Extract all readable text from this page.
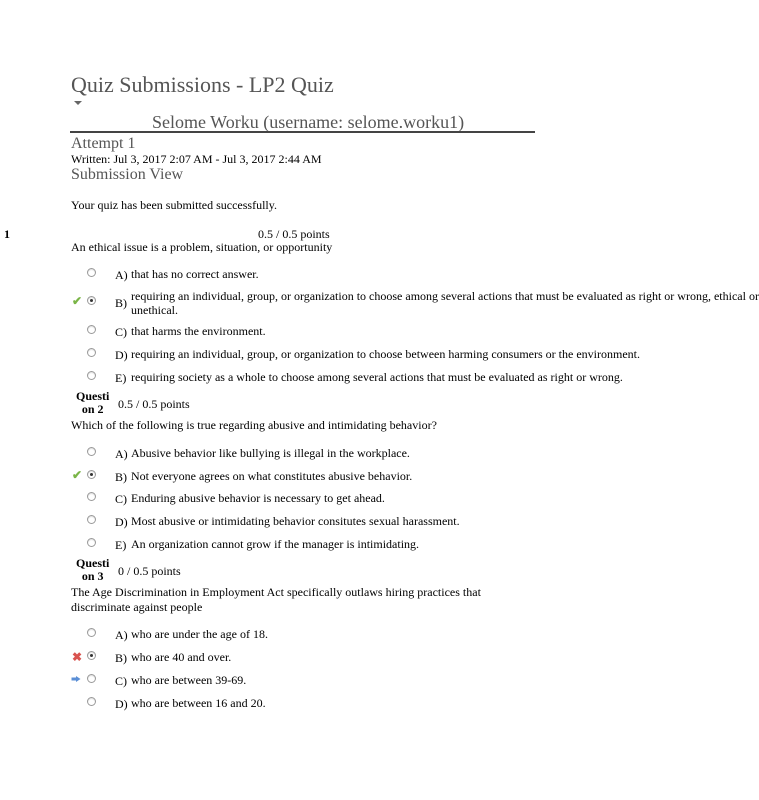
Quiz Submissions - LP2 Quiz
Selome Worku (username: selome.worku1)
Attempt 1
Written: Jul 3, 2017 2:07 AM - Jul 3, 2017 2:44 AM
Submission View
Your quiz has been submitted successfully.
1	0.5 / 0.5 points
An ethical issue is a problem, situation, or opportunity
A) that has no correct answer.
✔	B) requiring an individual, group, or organization to choose among several actions that must be evaluated as right or wrong, ethical or
unethical.
C) that harms the environment.
D) requiring an individual, group, or organization to choose between harming consumers or the environment.
E) requiring society as a whole to choose among several actions that must be evaluated as right or wrong.
Questi
on 2	0.5 / 0.5 points
Which of the following is true regarding abusive and intimidating behavior?
A) Abusive behavior like bullying is illegal in the workplace.
✔	B) Not everyone agrees on what constitutes abusive behavior.
C) Enduring abusive behavior is necessary to get ahead.
D) Most abusive or intimidating behavior consitutes sexual harassment.
E) An organization cannot grow if the manager is intimidating.
Questi
on 3	0 / 0.5 points
The Age Discrimination in Employment Act specifically outlaws hiring practices that
discriminate against people
A) who are under the age of 18.
✖	B) who are 40 and over.
C) who are between 39-69.
D) who are between 16 and 20.
